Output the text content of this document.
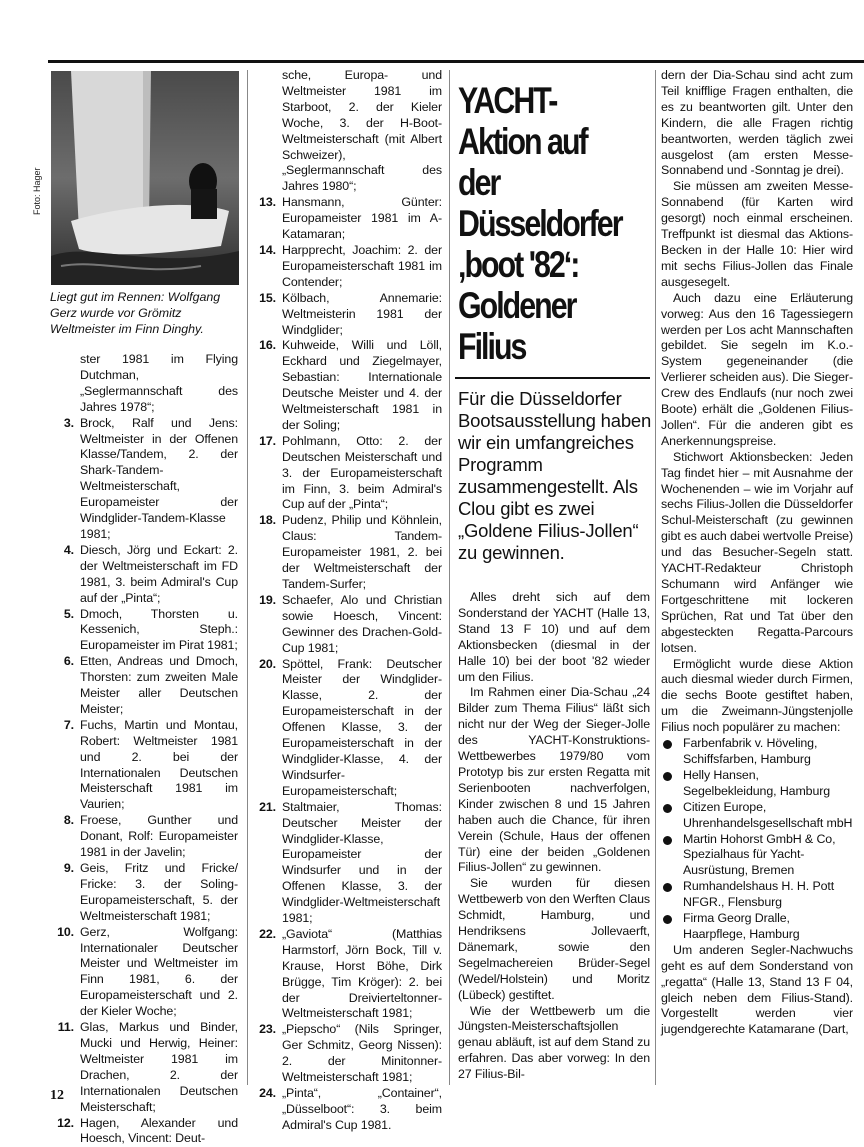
Foto: Hager
Liegt gut im Rennen: Wolfgang Gerz wurde vor Grömitz Weltmeister im Finn Dinghy.
ster 1981 im Flying Dutchman, „Seglermannschaft des Jahres 1978“;
3. Brock, Ralf und Jens: Weltmeister in der Offenen Klasse/Tandem, 2. der Shark-Tandem-Weltmeisterschaft, Europameister der Windglider-Tandem-Klasse 1981;
4. Diesch, Jörg und Eckart: 2. der Weltmeisterschaft im FD 1981, 3. beim Admiral's Cup auf der „Pinta“;
5. Dmoch, Thorsten u. Kessenich, Steph.: Europameister im Pirat 1981;
6. Etten, Andreas und Dmoch, Thorsten: zum zweiten Male Meister aller Deutschen Meister;
7. Fuchs, Martin und Montau, Robert: Weltmeister 1981 und 2. bei der Internationalen Deutschen Meisterschaft 1981 im Vaurien;
8. Froese, Gunther und Donant, Rolf: Europameister 1981 in der Javelin;
9. Geis, Fritz und Fricke/ Fricke: 3. der Soling-Europameisterschaft, 5. der Weltmeisterschaft 1981;
10. Gerz, Wolfgang: Internationaler Deutscher Meister und Weltmeister im Finn 1981, 6. der Europameisterschaft und 2. der Kieler Woche;
11. Glas, Markus und Binder, Mucki und Herwig, Heiner: Weltmeister 1981 im Drachen, 2. der Internationalen Deutschen Meisterschaft;
12. Hagen, Alexander und Hoesch, Vincent: Deut-
sche, Europa- und Weltmeister 1981 im Starboot, 2. der Kieler Woche, 3. der H-Boot-Weltmeisterschaft (mit Albert Schweizer), „Seglermannschaft des Jahres 1980“;
13. Hansmann, Günter: Europameister 1981 im A-Katamaran;
14. Harpprecht, Joachim: 2. der Europameisterschaft 1981 im Contender;
15. Kölbach, Annemarie: Weltmeisterin 1981 der Windglider;
16. Kuhweide, Willi und Löll, Eckhard und Ziegelmayer, Sebastian: Internationale Deutsche Meister und 4. der Weltmeisterschaft 1981 in der Soling;
17. Pohlmann, Otto: 2. der Deutschen Meisterschaft und 3. der Europameisterschaft im Finn, 3. beim Admiral's Cup auf der „Pinta“;
18. Pudenz, Philip und Köhnlein, Claus: Tandem-Europameister 1981, 2. bei der Weltmeisterschaft der Tandem-Surfer;
19. Schaefer, Alo und Christian sowie Hoesch, Vincent: Gewinner des Drachen-Gold-Cup 1981;
20. Spöttel, Frank: Deutscher Meister der Windglider-Klasse, 2. der Europameisterschaft in der Offenen Klasse, 3. der Europameisterschaft in der Windglider-Klasse, 4. der Windsurfer-Europameisterschaft;
21. Staltmaier, Thomas: Deutscher Meister der Windglider-Klasse, Europameister der Windsurfer und in der Offenen Klasse, 3. der Windglider-Weltmeisterschaft 1981;
22. „Gaviota“ (Matthias Harmstorf, Jörn Bock, Till v. Krause, Horst Böhe, Dirk Brügge, Tim Kröger): 2. bei der Dreivierteltonner-Weltmeisterschaft 1981;
23. „Piepscho“ (Nils Springer, Ger Schmitz, Georg Nissen): 2. der Minitonner-Weltmeisterschaft 1981;
24. „Pinta“, „Container“, „Düsselboot“: 3. beim Admiral's Cup 1981.
YACHT-Aktion auf der Düsseldorfer ‚boot '82‘: Goldener Filius
Für die Düsseldorfer Bootsausstellung haben wir ein umfangreiches Programm zusammengestellt. Als Clou gibt es zwei „Goldene Filius-Jollen“ zu gewinnen.

Alles dreht sich auf dem Sonderstand der YACHT (Halle 13, Stand 13 F 10) und auf dem Aktionsbecken (diesmal in der Halle 10) bei der boot '82 wieder um den Filius.

Im Rahmen einer Dia-Schau „24 Bilder zum Thema Filius“ läßt sich nicht nur der Weg der Sieger-Jolle des YACHT-Konstruktions-Wettbewerbes 1979/80 vom Prototyp bis zur ersten Regatta mit Serienbooten nachverfolgen, Kinder zwischen 8 und 15 Jahren haben auch die Chance, für ihren Verein (Schule, Haus der offenen Tür) eine der beiden „Goldenen Filius-Jollen“ zu gewinnen.

Sie wurden für diesen Wettbewerb von den Werften Claus Schmidt, Hamburg, und Hendriksens Jollevaerft, Dänemark, sowie den Segelmachereien Brüder-Segel (Wedel/Holstein) und Moritz (Lübeck) gestiftet.

Wie der Wettbewerb um die Jüngsten-Meisterschaftsjollen genau abläuft, ist auf dem Stand zu erfahren. Das aber vorweg: In den 27 Filius-Bil-

dern der Dia-Schau sind acht zum Teil knifflige Fragen enthalten, die es zu beantworten gilt. Unter den Kindern, die alle Fragen richtig beantworten, werden täglich zwei ausgelost (am ersten Messe-Sonnabend und -Sonntag je drei).

Sie müssen am zweiten Messe-Sonnabend (für Karten wird gesorgt) noch einmal erscheinen. Treffpunkt ist diesmal das Aktions-Becken in der Halle 10: Hier wird mit sechs Filius-Jollen das Finale ausgesegelt.

Auch dazu eine Erläuterung vorweg: Aus den 16 Tagessiegern werden per Los acht Mannschaften gebildet. Sie segeln im K.o.-System gegeneinander (die Verlierer scheiden aus). Die Sieger-Crew des Endlaufs (nur noch zwei Boote) erhält die „Goldenen Filius-Jollen“. Für die anderen gibt es Anerkennungspreise.

Stichwort Aktionsbecken: Jeden Tag findet hier – mit Ausnahme der Wochenenden – wie im Vorjahr auf sechs Filius-Jollen die Düsseldorfer Schul-Meisterschaft (zu gewinnen gibt es auch dabei wertvolle Preise) und das Besucher-Segeln statt. YACHT-Redakteur Christoph Schumann wird Anfänger wie Fortgeschrittene mit lockeren Sprüchen, Rat und Tat über den abgesteckten Regatta-Parcours lotsen.

Ermöglicht wurde diese Aktion auch diesmal wieder durch Firmen, die sechs Boote gestiftet haben, um die Zweimann-Jüngstenjolle Filius noch populärer zu machen:

Farbenfabrik v. Höveling, Schiffsfarben, Hamburg
Helly Hansen, Segelbekleidung, Hamburg
Citizen Europe, Uhrenhandelsgesellschaft mbH
Martin Hohorst GmbH & Co, Spezialhaus für Yacht-Ausrüstung, Bremen
Rumhandelshaus H. H. Pott NFGR., Flensburg
Firma Georg Dralle, Haarpflege, Hamburg

Um anderen Segler-Nachwuchs geht es auf dem Sonderstand von „regatta“ (Halle 13, Stand 13 F 04, gleich neben dem Filius-Stand). Vorgestellt werden vier jugendgerechte Katamarane (Dart,

12
